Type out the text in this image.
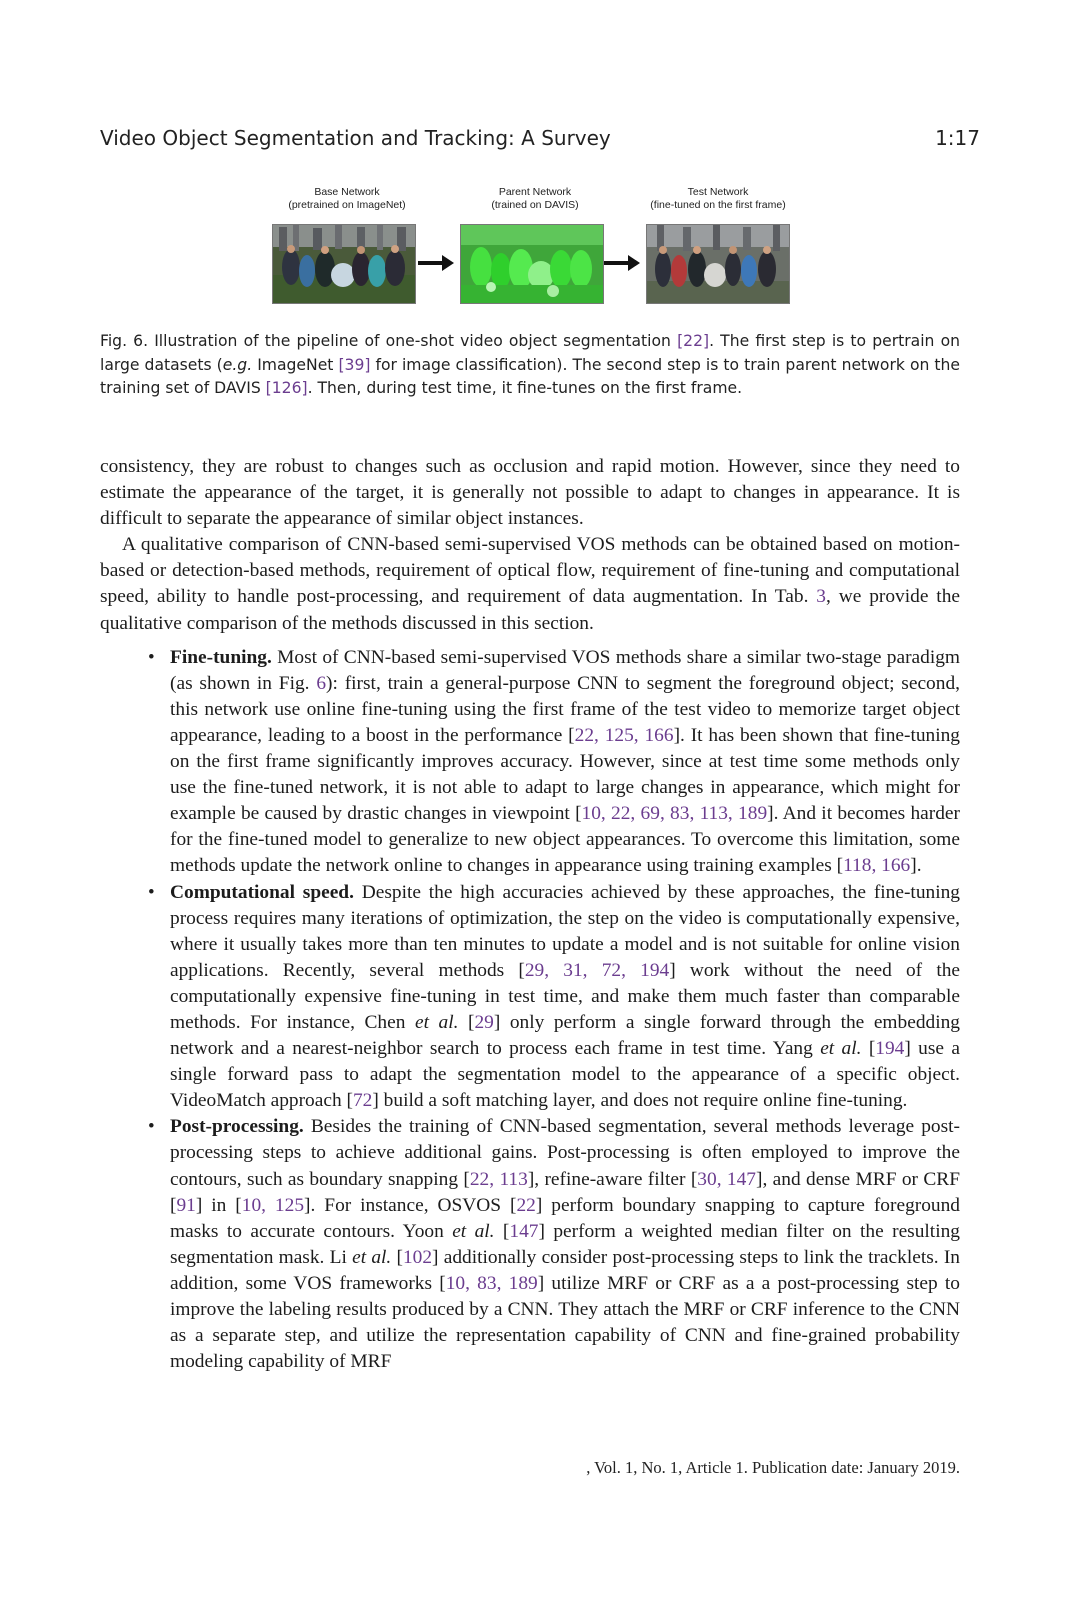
Video Object Segmentation and Tracking: A Survey	1:17
Base Network
(pretrained on ImageNet)
Parent Network
(trained on DAVIS)
Test Network
(fine-tuned on the first frame)
Fig. 6. Illustration of the pipeline of one-shot video object segmentation [22]. The first step is to pertrain on large datasets (e.g. ImageNet [39] for image classification). The second step is to train parent network on the training set of DAVIS [126]. Then, during test time, it fine-tunes on the first frame.

consistency, they are robust to changes such as occlusion and rapid motion. However, since they need to estimate the appearance of the target, it is generally not possible to adapt to changes in appearance. It is difficult to separate the appearance of similar object instances.

A qualitative comparison of CNN-based semi-supervised VOS methods can be obtained based on motion-based or detection-based methods, requirement of optical flow, requirement of fine-tuning and computational speed, ability to handle post-processing, and requirement of data augmentation. In Tab. 3, we provide the qualitative comparison of the methods discussed in this section.

• Fine-tuning. Most of CNN-based semi-supervised VOS methods share a similar two-stage paradigm (as shown in Fig. 6): first, train a general-purpose CNN to segment the foreground object; second, this network use online fine-tuning using the first frame of the test video to memorize target object appearance, leading to a boost in the performance [22, 125, 166]. It has been shown that fine-tuning on the first frame significantly improves accuracy. However, since at test time some methods only use the fine-tuned network, it is not able to adapt to large changes in appearance, which might for example be caused by drastic changes in viewpoint [10, 22, 69, 83, 113, 189]. And it becomes harder for the fine-tuned model to generalize to new object appearances. To overcome this limitation, some methods update the network online to changes in appearance using training examples [118, 166].
• Computational speed. Despite the high accuracies achieved by these approaches, the fine-tuning process requires many iterations of optimization, the step on the video is computationally expensive, where it usually takes more than ten minutes to update a model and is not suitable for online vision applications. Recently, several methods [29, 31, 72, 194] work without the need of the computationally expensive fine-tuning in test time, and make them much faster than comparable methods. For instance, Chen et al. [29] only perform a single forward through the embedding network and a nearest-neighbor search to process each frame in test time. Yang et al. [194] use a single forward pass to adapt the segmentation model to the appearance of a specific object. VideoMatch approach [72] build a soft matching layer, and does not require online fine-tuning.
• Post-processing. Besides the training of CNN-based segmentation, several methods leverage post-processing steps to achieve additional gains. Post-processing is often employed to improve the contours, such as boundary snapping [22, 113], refine-aware filter [30, 147], and dense MRF or CRF [91] in [10, 125]. For instance, OSVOS [22] perform boundary snapping to capture foreground masks to accurate contours. Yoon et al. [147] perform a weighted median filter on the resulting segmentation mask. Li et al. [102] additionally consider post-processing steps to link the tracklets. In addition, some VOS frameworks [10, 83, 189] utilize MRF or CRF as a a post-processing step to improve the labeling results produced by a CNN. They attach the MRF or CRF inference to the CNN as a separate step, and utilize the representation capability of CNN and fine-grained probability modeling capability of MRF
, Vol. 1, No. 1, Article 1. Publication date: January 2019.
